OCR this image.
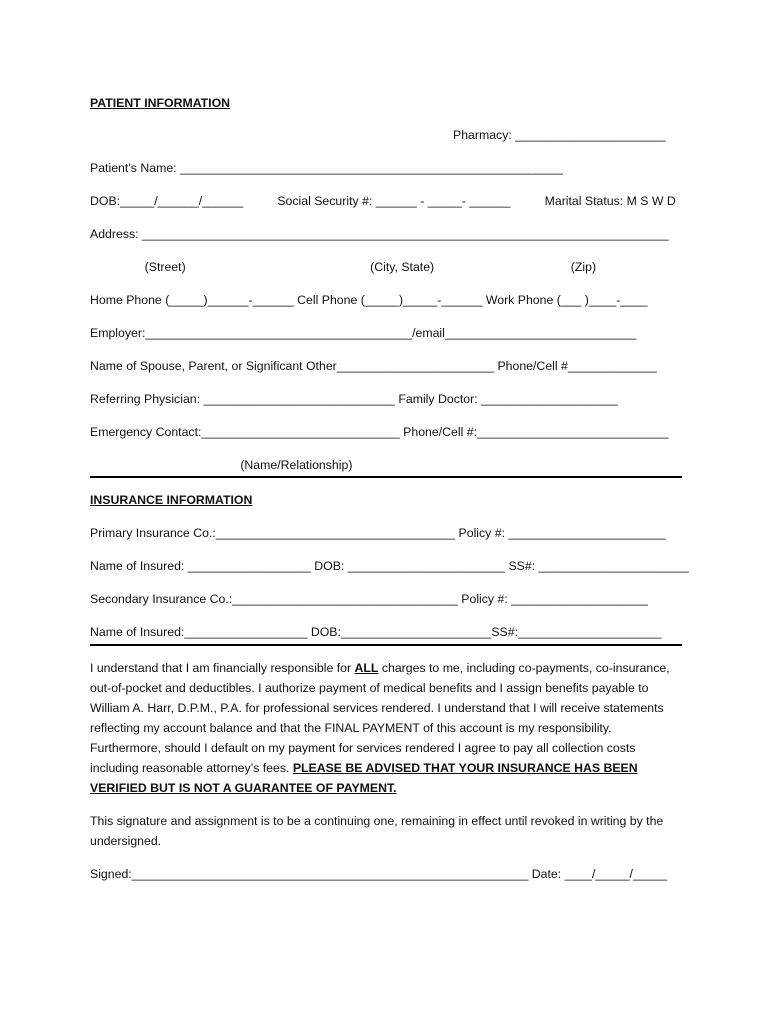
PATIENT INFORMATION
Pharmacy: ______________________
Patient’s Name: ________________________________________________________
DOB:_____/______/______          Social Security #: ______ - _____- ______          Marital Status: M S W D
Address: _____________________________________________________________________________
(Street)                                                      (City, State)                                        (Zip)
Home Phone (_____)______-______ Cell Phone (_____)_____-______ Work Phone (___ )____-____
Employer:_______________________________________/email____________________________
Name of Spouse, Parent, or Significant Other_______________________ Phone/Cell #_____________
Referring Physician: ____________________________ Family Doctor: ____________________
Emergency Contact:_____________________________ Phone/Cell #:____________________________
(Name/Relationship)
INSURANCE INFORMATION
Primary Insurance Co.:___________________________________ Policy #: _______________________
Name of Insured: __________________ DOB: _______________________ SS#: ______________________
Secondary Insurance Co.:_________________________________ Policy #: ____________________
Name of Insured:__________________ DOB:______________________SS#:_____________________

I understand that I am financially responsible for ALL charges to me, including co-payments, co-insurance, out-of-pocket and deductibles. I authorize payment of medical benefits and I assign benefits payable to William A. Harr, D.P.M., P.A. for professional services rendered. I understand that I will receive statements reflecting my account balance and that the FINAL PAYMENT of this account is my responsibility. Furthermore, should I default on my payment for services rendered I agree to pay all collection costs including reasonable attorney’s fees. PLEASE BE ADVISED THAT YOUR INSURANCE HAS BEEN VERIFIED BUT IS NOT A GUARANTEE OF PAYMENT.

This signature and assignment is to be a continuing one, remaining in effect until revoked in writing by the undersigned.

Signed:__________________________________________________________ Date: ____/_____/_____
